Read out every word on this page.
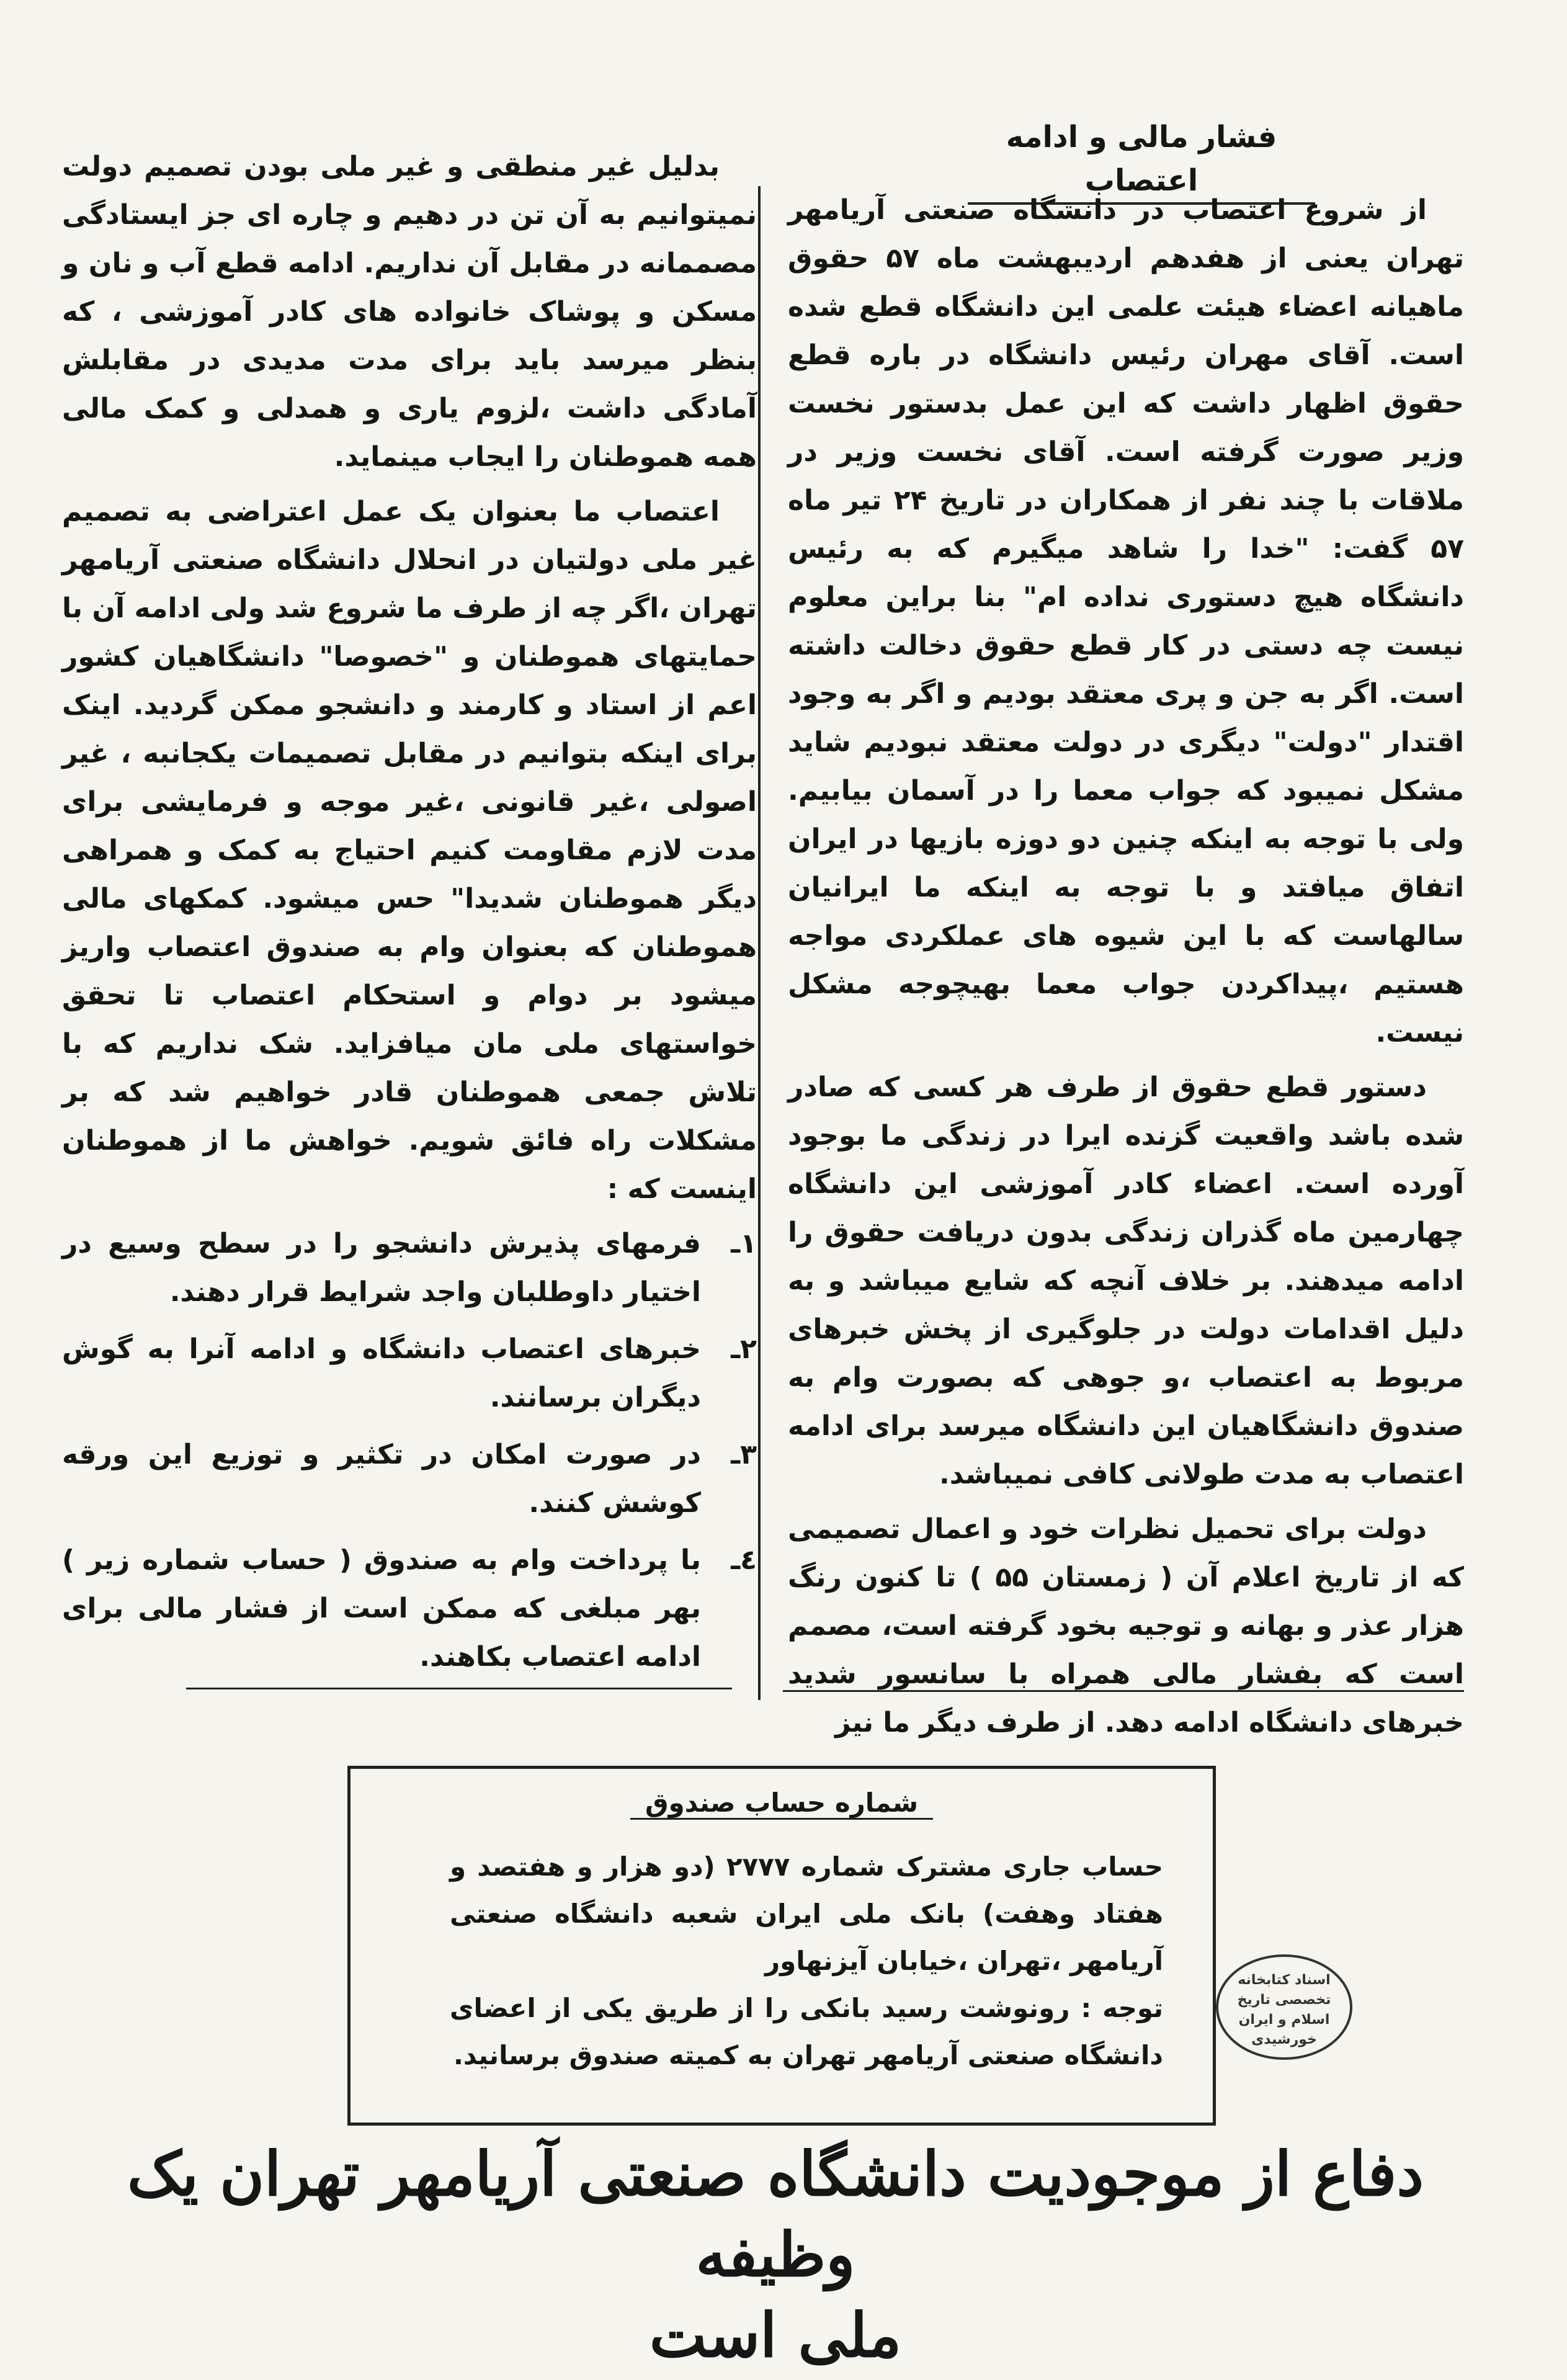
فشار مالی و ادامه اعتصاب

از شروع اعتصاب در دانشگاه صنعتی آریامهر تهران یعنی از هفدهم اردیبهشت ماه ۵۷ حقوق ماهیانه اعضاء هیئت علمی این دانشگاه قطع شده است. آقای مهران رئیس دانشگاه در باره قطع حقوق اظهار داشت که این عمل بدستور نخست وزیر صورت گرفته است. آقای نخست وزیر در ملاقات با چند نفر از همکاران در تاریخ ۲۴ تیر ماه ۵۷ گفت: "خدا را شاهد میگیرم که به رئیس دانشگاه هیچ دستوری نداده ام" بنا براین معلوم نیست چه دستی در کار قطع حقوق دخالت داشته است. اگر به جن و پری معتقد بودیم و اگر به وجود اقتدار "دولت" دیگری در دولت معتقد نبودیم شاید مشکل نمیبود که جواب معما را در آسمان بیابیم. ولی با توجه به اینکه چنین دو دوزه بازیها در ایران اتفاق میافتد و با توجه به اینکه ما ایرانیان سالهاست که با این شیوه های عملکردی مواجه هستیم ،پیداکردن جواب معما بهیچوجه مشکل نیست.

دستور قطع حقوق از طرف هر کسی که صادر شده باشد واقعیت گزنده ایرا در زندگی ما بوجود آورده است. اعضاء کادر آموزشی این دانشگاه چهارمین ماه گذران زندگی بدون دریافت حقوق را ادامه میدهند. بر خلاف آنچه که شایع میباشد و به دلیل اقدامات دولت در جلوگیری از پخش خبرهای مربوط به اعتصاب ،و جوهی که بصورت وام به صندوق دانشگاهیان این دانشگاه میرسد برای ادامه اعتصاب به مدت طولانی کافی نمیباشد.

دولت برای تحمیل نظرات خود و اعمال تصمیمی که از تاریخ اعلام آن ( زمستان ۵۵ ) تا کنون رنگ هزار عذر و بهانه و توجیه بخود گرفته است، مصمم است که بفشار مالی همراه با سانسور شدید خبرهای دانشگاه ادامه دهد. از طرف دیگر ما نیز

بدلیل غیر منطقی و غیر ملی بودن تصمیم دولت نمیتوانیم به آن تن در دهیم و چاره ای جز ایستادگی مصممانه در مقابل آن نداریم. ادامه قطع آب و نان و مسکن و پوشاک خانواده های کادر آموزشی ، که بنظر میرسد باید برای مدت مدیدی در مقابلش آمادگی داشت ،لزوم یاری و همدلی و کمک مالی همه هموطنان را ایجاب مینماید.

اعتصاب ما بعنوان یک عمل اعتراضی به تصمیم غیر ملی دولتیان در انحلال دانشگاه صنعتی آریامهر تهران ،اگر چه از طرف ما شروع شد ولی ادامه آن با حمایتهای هموطنان و "خصوصا" دانشگاهیان کشور اعم از استاد و کارمند و دانشجو ممکن گردید. اینک برای اینکه بتوانیم در مقابل تصمیمات یکجانبه ، غیر اصولی ،غیر قانونی ،غیر موجه و فرمایشی برای مدت لازم مقاومت کنیم احتیاج به کمک و همراهی دیگر هموطنان شدیدا" حس میشود. کمکهای مالی هموطنان که بعنوان وام به صندوق اعتصاب واریز میشود بر دوام و استحکام اعتصاب تا تحقق خواستهای ملی مان میافزاید. شک نداریم که با تلاش جمعی هموطنان قادر خواهیم شد که بر مشکلات راه فائق شویم. خواهش ما از هموطنان اینست که :

۱ـ
فرمهای پذیرش دانشجو را در سطح وسیع در اختیار داوطلبان واجد شرایط قرار دهند.
۲ـ
خبرهای اعتصاب دانشگاه و ادامه آنرا به گوش دیگران برسانند.
۳ـ
در صورت امکان در تکثیر و توزیع این ورقه کوشش کنند.
٤ـ
با پرداخت وام به صندوق ( حساب شماره زیر ) بهر مبلغی که ممکن است از فشار مالی برای ادامه اعتصاب بکاهند.
شماره حساب صندوق

حساب جاری مشترک شماره ۲۷۷۷ (دو هزار و هفتصد و هفتاد وهفت) بانک ملی ایران شعبه دانشگاه صنعتی آریامهر ،تهران ،خیابان آیزنهاور

توجه : رونوشت رسید بانکی را از طریق یکی از اعضای دانشگاه صنعتی آریامهر تهران به کمیته صندوق برسانید.

اسناد کتابخانه
تخصصی تاریخ اسلام و ایران
خورشیدی
دفاع از موجودیت دانشگاه صنعتی آریامهر تهران یک وظیفه
ملی است
